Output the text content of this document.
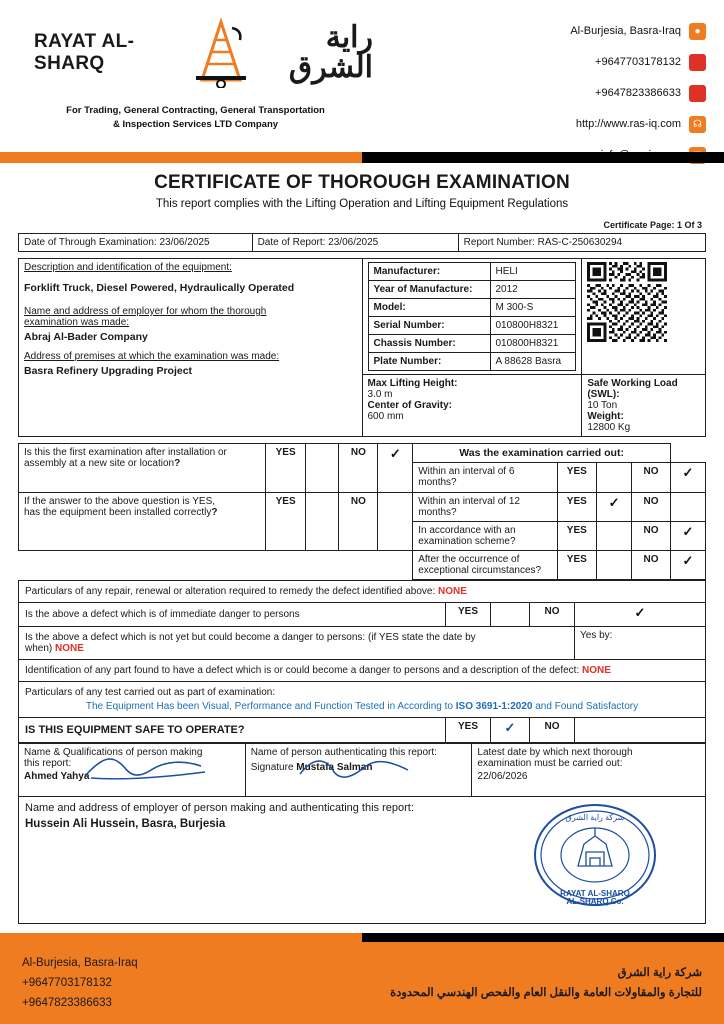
RAYAT AL-SHARQ
راية الشرق
For Trading, General Contracting, General Transportation
& Inspection Services LTD Company
Al-Burjesia, Basra-Iraq	●
+9647703178132 ☎
+9647823386633 ☎
http://www.ras-iq.com	☊
CERTIFICATE OF THOROUGH EXAMINATION
This report complies with the Lifting Operation and Lifting Equipment Regulations
Certificate Page: 1 Of 3
Date of Through Examination: 23/06/2025	Date of Report: 23/06/2025	Report Number: RAS-C-250630294
Description and identification of the equipment:
Forklift Truck, Diesel Powered, Hydraulically Operated
Name and address of employer for whom the thorough
examination was made:
Abraj Al-Bader Company
Address of premises at which the examination was made:
Basra Refinery Upgrading Project

Manufacturer:	HELI
Year of Manufacture:	2012
Model:	M 300-S
Serial Number:	010800H8321
Chassis Number:	010800H8321
Plate Number:	A 88628 Basra

Max Lifting Height:
3.0 m
Center of Gravity:
600 mm

Safe Working Load (SWL):
10 Ton
Weight:
12800 Kg
Is this the first examination after installation or
assembly at a new site or location?	YES		NO	✓	Was the examination carried out:				
					Within an interval of 6 months?	YES		NO	✓

If the answer to the above question is YES,
has the equipment been installed correctly?	YES		NO		Within an interval of 12 months?	YES	✓	NO	

					In accordance with an
examination scheme?	YES		NO	✓

					After the occurrence of
exceptional circumstances?	YES		NO	✓
Particulars of any repair, renewal or alteration required to remedy the defect identified above: NONE				
Is the above a defect which is of immediate danger to persons	YES		NO	✓

Is the above a defect which is not yet but could become a danger to persons: (if YES state the date by
when) NONE				Yes by:
Identification of any part found to have a defect which is or could become a danger to persons and a description of the defect: NONE				

Particulars of any test carried out as part of examination:
The Equipment Has been Visual, Performance and Function Tested in According to ISO 3691-1:2020 and Found Satisfactory				

IS THIS EQUIPMENT SAFE TO OPERATE?	YES	✓	NO	
Name & Qualifications of person making
this report:
Ahmed Yahya

Name of person authenticating this report:
Signature Mustafa Salman

Latest date by which next thorough
examination must be carried out:
22/06/2026

Name and address of employer of person making and authenticating this report:
Hussein Ali Hussein, Basra, Burjesia
شركة راية الشرق
RAYAT AL-SHARQ
AL-SHARQ Co.
Al-Burjesia, Basra-Iraq
+9647703178132
+9647823386633
شركة راية الشرق
للتجارة والمقاولات العامة والنقل العام والفحص الهندسي المحدودة
